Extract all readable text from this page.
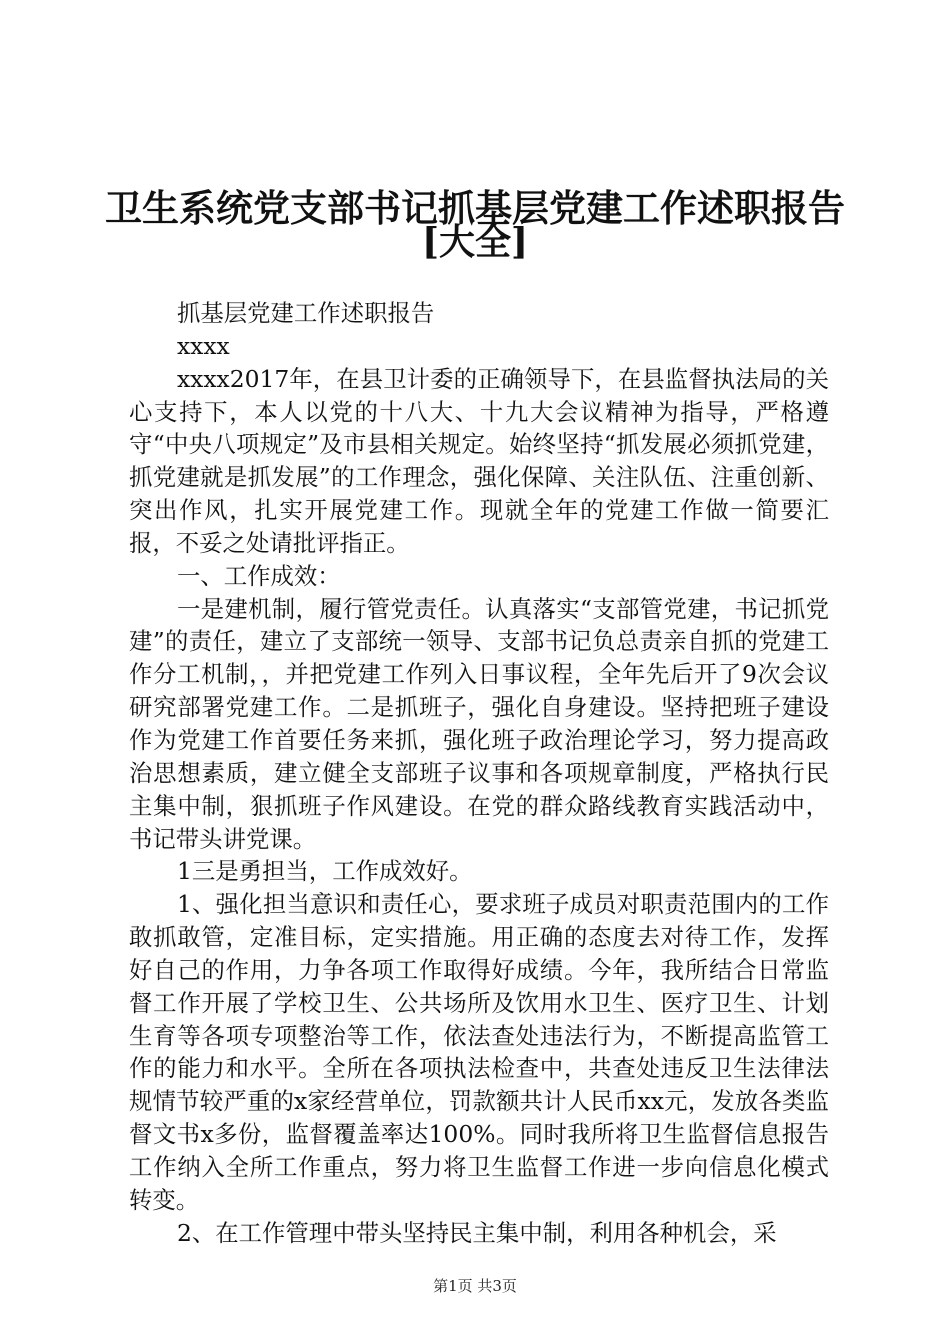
卫生系统党支部书记抓基层党建工作述职报告
[大全]

抓基层党建工作述职报告

xxxx

xxxx2017年，在县卫计委的正确领导下，在县监督执法局的关心支持下，本人以党的十八大、十九大会议精神为指导，严格遵守“中央八项规定”及市县相关规定。始终坚持“抓发展必须抓党建，抓党建就是抓发展”的工作理念，强化保障、关注队伍、注重创新、突出作风，扎实开展党建工作。现就全年的党建工作做一简要汇报，不妥之处请批评指正。

一、工作成效：

一是建机制，履行管党责任。认真落实“支部管党建，书记抓党建”的责任，建立了支部统一领导、支部书记负总责亲自抓的党建工作分工机制，，并把党建工作列入日事议程，全年先后开了9次会议研究部署党建工作。二是抓班子，强化自身建设。坚持把班子建设作为党建工作首要任务来抓，强化班子政治理论学习，努力提高政治思想素质，建立健全支部班子议事和各项规章制度，严格执行民主集中制，狠抓班子作风建设。在党的群众路线教育实践活动中，书记带头讲党课。

1三是勇担当，工作成效好。

1、强化担当意识和责任心，要求班子成员对职责范围内的工作敢抓敢管，定准目标，定实措施。用正确的态度去对待工作，发挥好自己的作用，力争各项工作取得好成绩。今年，我所结合日常监督工作开展了学校卫生、公共场所及饮用水卫生、医疗卫生、计划生育等各项专项整治等工作，依法查处违法行为，不断提高监管工作的能力和水平。全所在各项执法检查中，共查处违反卫生法律法规情节较严重的x家经营单位，罚款额共计人民币xx元，发放各类监督文书x多份，监督覆盖率达100%。同时我所将卫生监督信息报告工作纳入全所工作重点，努力将卫生监督工作进一步向信息化模式转变。

2、在工作管理中带头坚持民主集中制，利用各种机会，采

第1页 共3页
